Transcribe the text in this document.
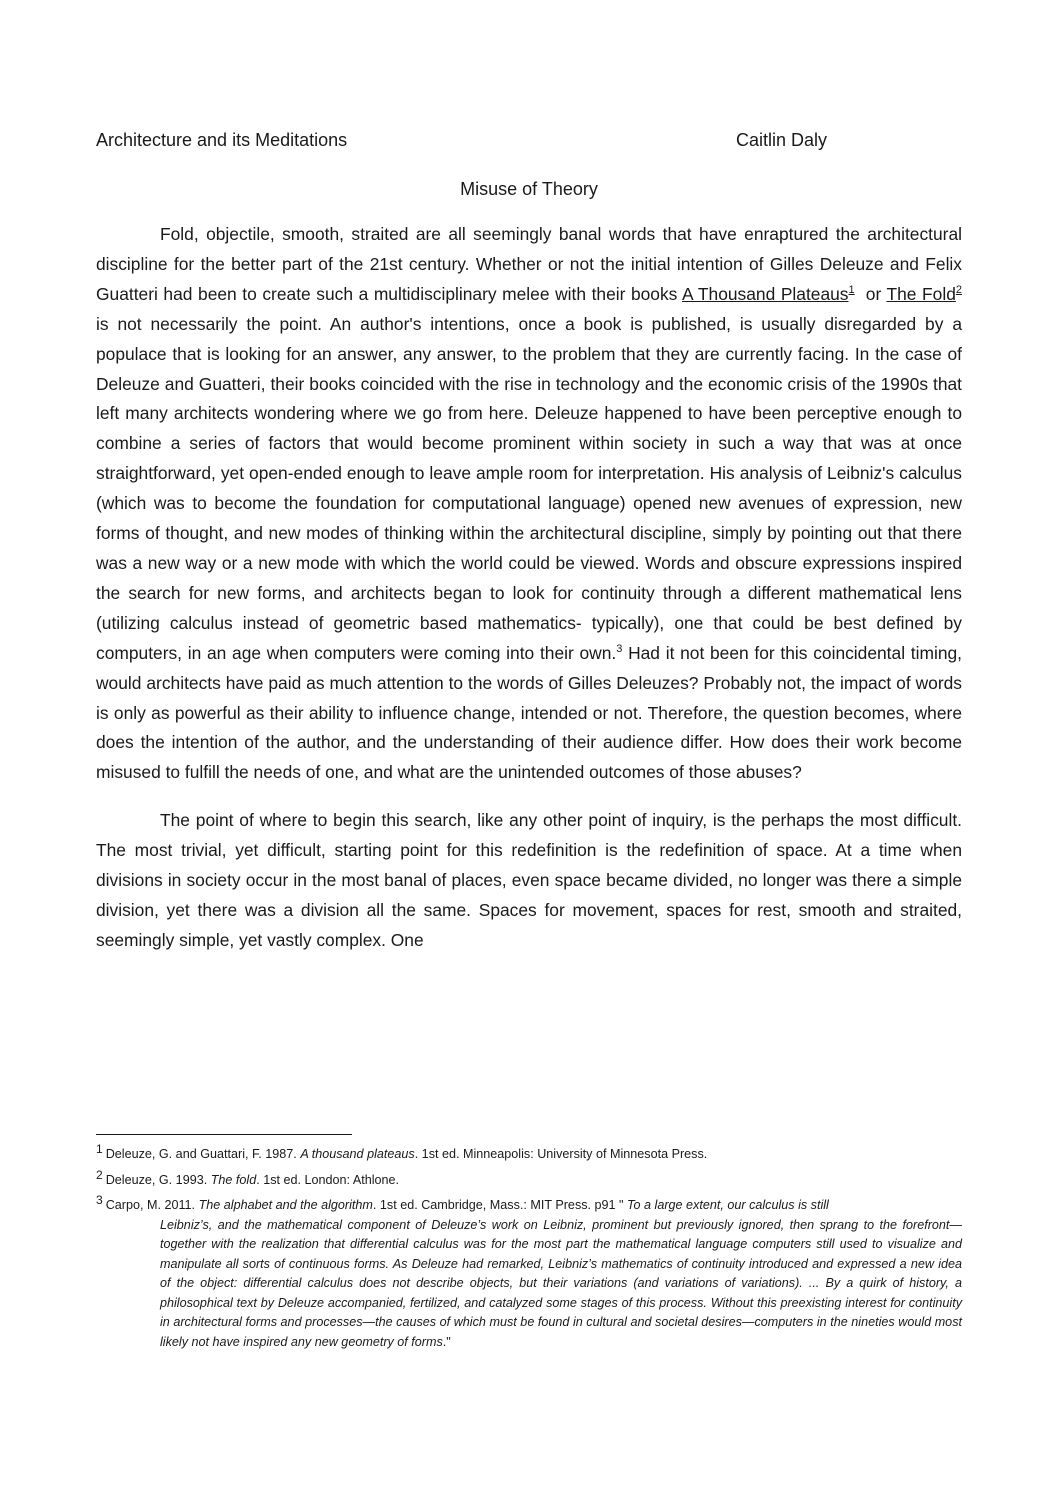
Architecture and its Meditations	Caitlin Daly
Misuse of Theory

Fold, objectile, smooth, straited are all seemingly banal words that have enraptured the architectural discipline for the better part of the 21st century. Whether or not the initial intention of Gilles Deleuze and Felix Guatteri had been to create such a multidisciplinary melee with their books A Thousand Plateaus$^1$  or The Fold$^2$ is not necessarily the point. An author's intentions, once a book is published, is usually disregarded by a populace that is looking for an answer, any answer, to the problem that they are currently facing. In the case of Deleuze and Guatteri, their books coincided with the rise in technology and the economic crisis of the 1990s that left many architects wondering where we go from here. Deleuze happened to have been perceptive enough to combine a series of factors that would become prominent within society in such a way that was at once straightforward, yet open-ended enough to leave ample room for interpretation. His analysis of Leibniz's calculus (which was to become the foundation for computational language) opened new avenues of expression, new forms of thought, and new modes of thinking within the architectural discipline, simply by pointing out that there was a new way or a new mode with which the world could be viewed. Words and obscure expressions inspired the search for new forms, and architects began to look for continuity through a different mathematical lens (utilizing calculus instead of geometric based mathematics- typically), one that could be best defined by computers, in an age when computers were coming into their own.$^3$ Had it not been for this coincidental timing, would architects have paid as much attention to the words of Gilles Deleuzes? Probably not, the impact of words is only as powerful as their ability to influence change, intended or not. Therefore, the question becomes, where does the intention of the author, and the understanding of their audience differ. How does their work become misused to fulfill the needs of one, and what are the unintended outcomes of those abuses?

The point of where to begin this search, like any other point of inquiry, is the perhaps the most difficult. The most trivial, yet difficult, starting point for this redefinition is the redefinition of space. At a time when divisions in society occur in the most banal of places, even space became divided, no longer was there a simple division, yet there was a division all the same. Spaces for movement, spaces for rest, smooth and straited, seemingly simple, yet vastly complex. One

1 Deleuze, G. and Guattari, F. 1987. A thousand plateaus. 1st ed. Minneapolis: University of Minnesota Press.
2 Deleuze, G. 1993. The fold. 1st ed. London: Athlone.
3 Carpo, M. 2011. The alphabet and the algorithm. 1st ed. Cambridge, Mass.: MIT Press. p91 " To a large extent, our calculus is still
Leibniz’s, and the mathematical component of Deleuze’s work on Leibniz, prominent but previously ignored, then sprang to the forefront—together with the realization that differential calculus was for the most part the mathematical language computers still used to visualize and manipulate all sorts of continuous forms. As Deleuze had remarked, Leibniz’s mathematics of continuity introduced and expressed a new idea of the object: differential calculus does not describe objects, but their variations (and variations of variations). ... By a quirk of history, a philosophical text by Deleuze accompanied, fertilized, and catalyzed some stages of this process. Without this preexisting interest for continuity in architectural forms and processes—the causes of which must be found in cultural and societal desires—computers in the nineties would most likely not have inspired any new geometry of forms."
